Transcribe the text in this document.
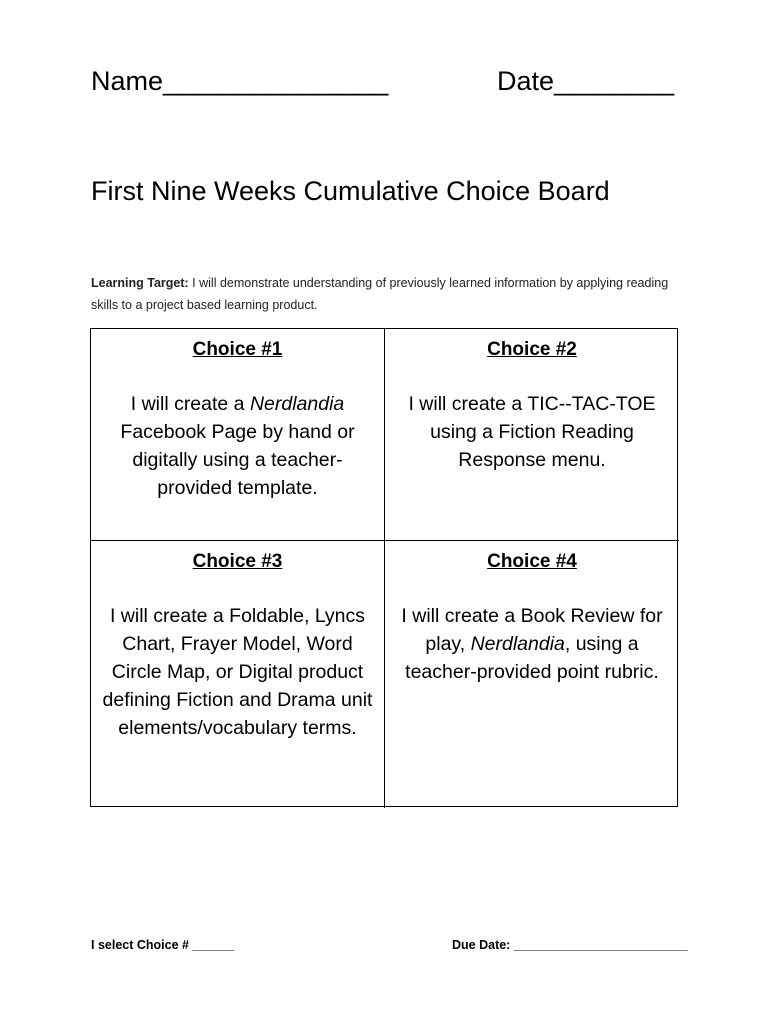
Name_______________	Date________
First Nine Weeks Cumulative Choice Board
Learning Target: I will demonstrate understanding of previously learned information by applying reading skills to a project based learning product.
Choice #1
I will create a Nerdlandia Facebook Page by hand or digitally using a teacher-provided template.
Choice #2
I will create a TIC--TAC-TOE using a Fiction Reading Response menu.
Choice #3
I will create a Foldable, Lyncs Chart, Frayer Model, Word Circle Map, or Digital product defining Fiction and Drama unit elements/vocabulary terms.
Choice #4
I will create a Book Review for play, Nerdlandia, using a teacher-provided point rubric.
I select Choice # ______	Due Date: _________________________
